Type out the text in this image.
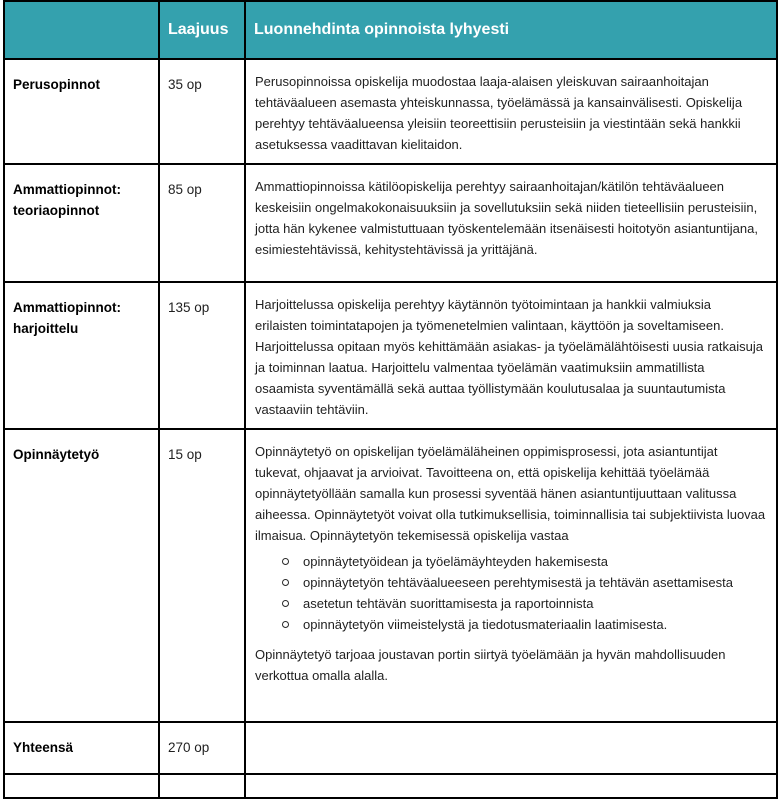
	Laajuus	Luonnehdinta opinnoista lyhyesti
Perusopinnot	35 op	Perusopinnoissa opiskelija muodostaa laaja-alaisen yleiskuvan sairaanhoitajan tehtäväalueen asemasta yhteiskunnassa, työelämässä ja kansainvälisesti. Opiskelija perehtyy tehtäväalueensa yleisiin teoreettisiin perusteisiin ja viestintään sekä hankkii asetuksessa vaadittavan kielitaidon.

Ammattiopinnot: teoriaopinnot	85 op	Ammattiopinnoissa kätilöopiskelija perehtyy sairaanhoitajan/kätilön tehtäväalueen keskeisiin ongelmakokonaisuuksiin ja sovellutuksiin sekä niiden tieteellisiin perusteisiin, jotta hän kykenee valmistuttuaan työskentelemään itsenäisesti hoitotyön asiantuntijana, esimiestehtävissä, kehitystehtävissä ja yrittäjänä.

Ammattiopinnot: harjoittelu	135 op	Harjoittelussa opiskelija perehtyy käytännön työtoimintaan ja hankkii valmiuksia erilaisten toimintatapojen ja työmenetelmien valintaan, käyttöön ja soveltamiseen. Harjoittelussa opitaan myös kehittämään asiakas- ja työelämälähtöisesti uusia ratkaisuja ja toiminnan laatua. Harjoittelu valmentaa työelämän vaatimuksiin ammatillista osaamista syventämällä sekä auttaa työllistymään koulutusalaa ja suuntautumista vastaaviin tehtäviin.

Opinnäytetyö	15 op	Opinnäytetyö on opiskelijan työelämäläheinen oppimisprosessi, jota asiantuntijat tukevat, ohjaavat ja arvioivat. Tavoitteena on, että opiskelija kehittää työelämää opinnäytetyöllään samalla kun prosessi syventää hänen asiantuntijuuttaan valitussa aiheessa. Opinnäytetyöt voivat olla tutkimuksellisia, toiminnallisia tai subjektiivista luovaa ilmaisua. Opinnäytetyön tekemisessä opiskelija vastaa

opinnäytetyöidean ja työelämäyhteyden hakemisesta
opinnäytetyön tehtäväalueeseen perehtymisestä ja tehtävän asettamisesta
asetetun tehtävän suorittamisesta ja raportoinnista
opinnäytetyön viimeistelystä ja tiedotusmateriaalin laatimisesta.

Opinnäytetyö tarjoaa joustavan portin siirtyä työelämään ja hyvän mahdollisuuden verkottua omalla alalla.

Yhteensä	270 op	
